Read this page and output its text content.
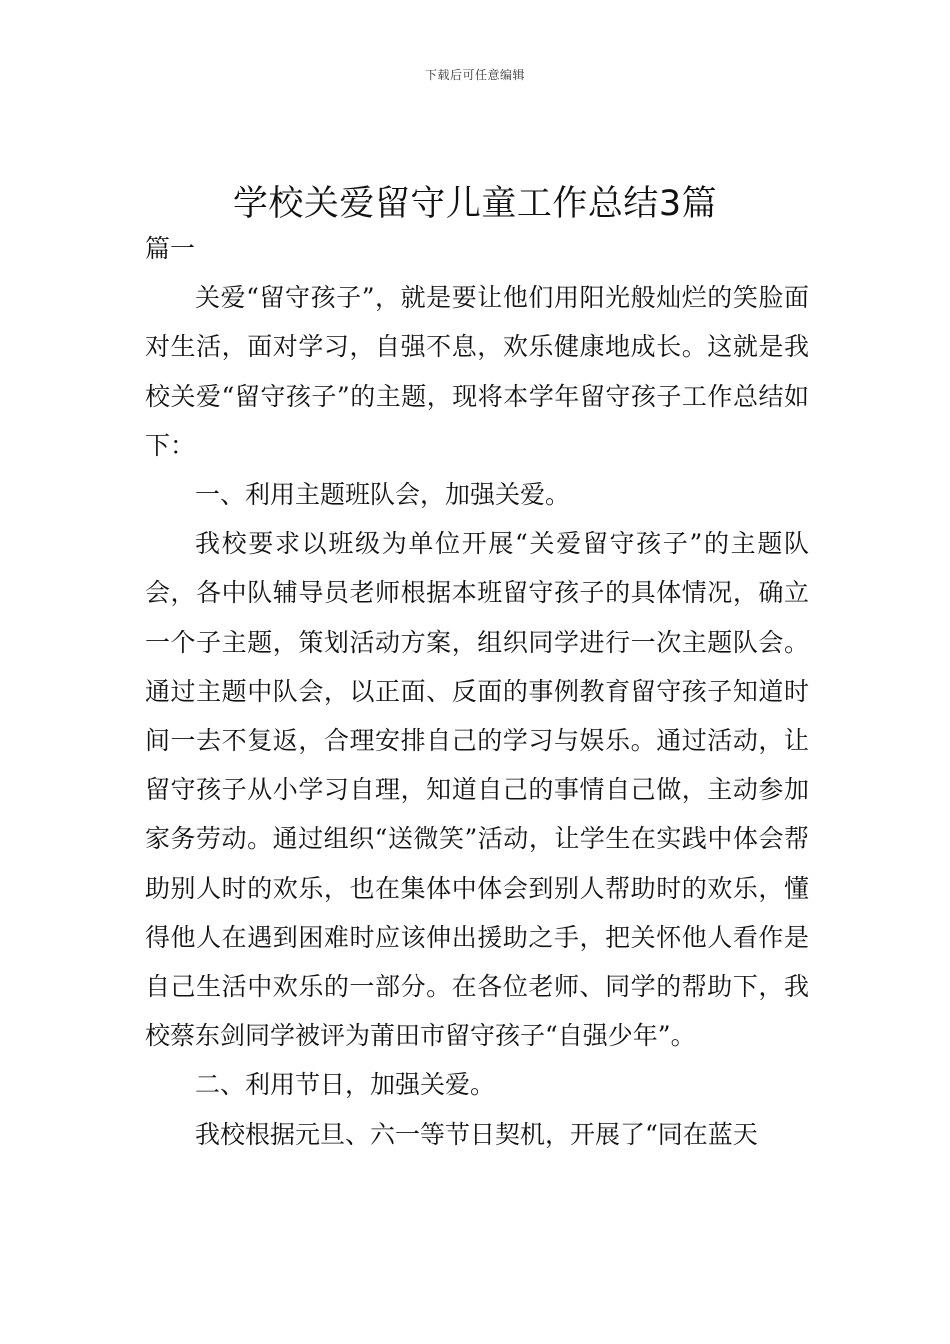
下载后可任意编辑
学校关爱留守儿童工作总结3篇

篇一

关爱“留守孩子”，就是要让他们用阳光般灿烂的笑脸面对生活，面对学习，自强不息，欢乐健康地成长。这就是我校关爱“留守孩子”的主题，现将本学年留守孩子工作总结如下：

一、利用主题班队会，加强关爱。

我校要求以班级为单位开展“关爱留守孩子”的主题队会，各中队辅导员老师根据本班留守孩子的具体情况，确立一个子主题，策划活动方案，组织同学进行一次主题队会。通过主题中队会，以正面、反面的事例教育留守孩子知道时间一去不复返，合理安排自己的学习与娱乐。通过活动，让留守孩子从小学习自理，知道自己的事情自己做，主动参加家务劳动。通过组织“送微笑”活动，让学生在实践中体会帮助别人时的欢乐，也在集体中体会到别人帮助时的欢乐，懂得他人在遇到困难时应该伸出援助之手，把关怀他人看作是自己生活中欢乐的一部分。在各位老师、同学的帮助下，我校蔡东剑同学被评为莆田市留守孩子“自强少年”。

二、利用节日，加强关爱。

我校根据元旦、六一等节日契机，开展了“同在蓝天
